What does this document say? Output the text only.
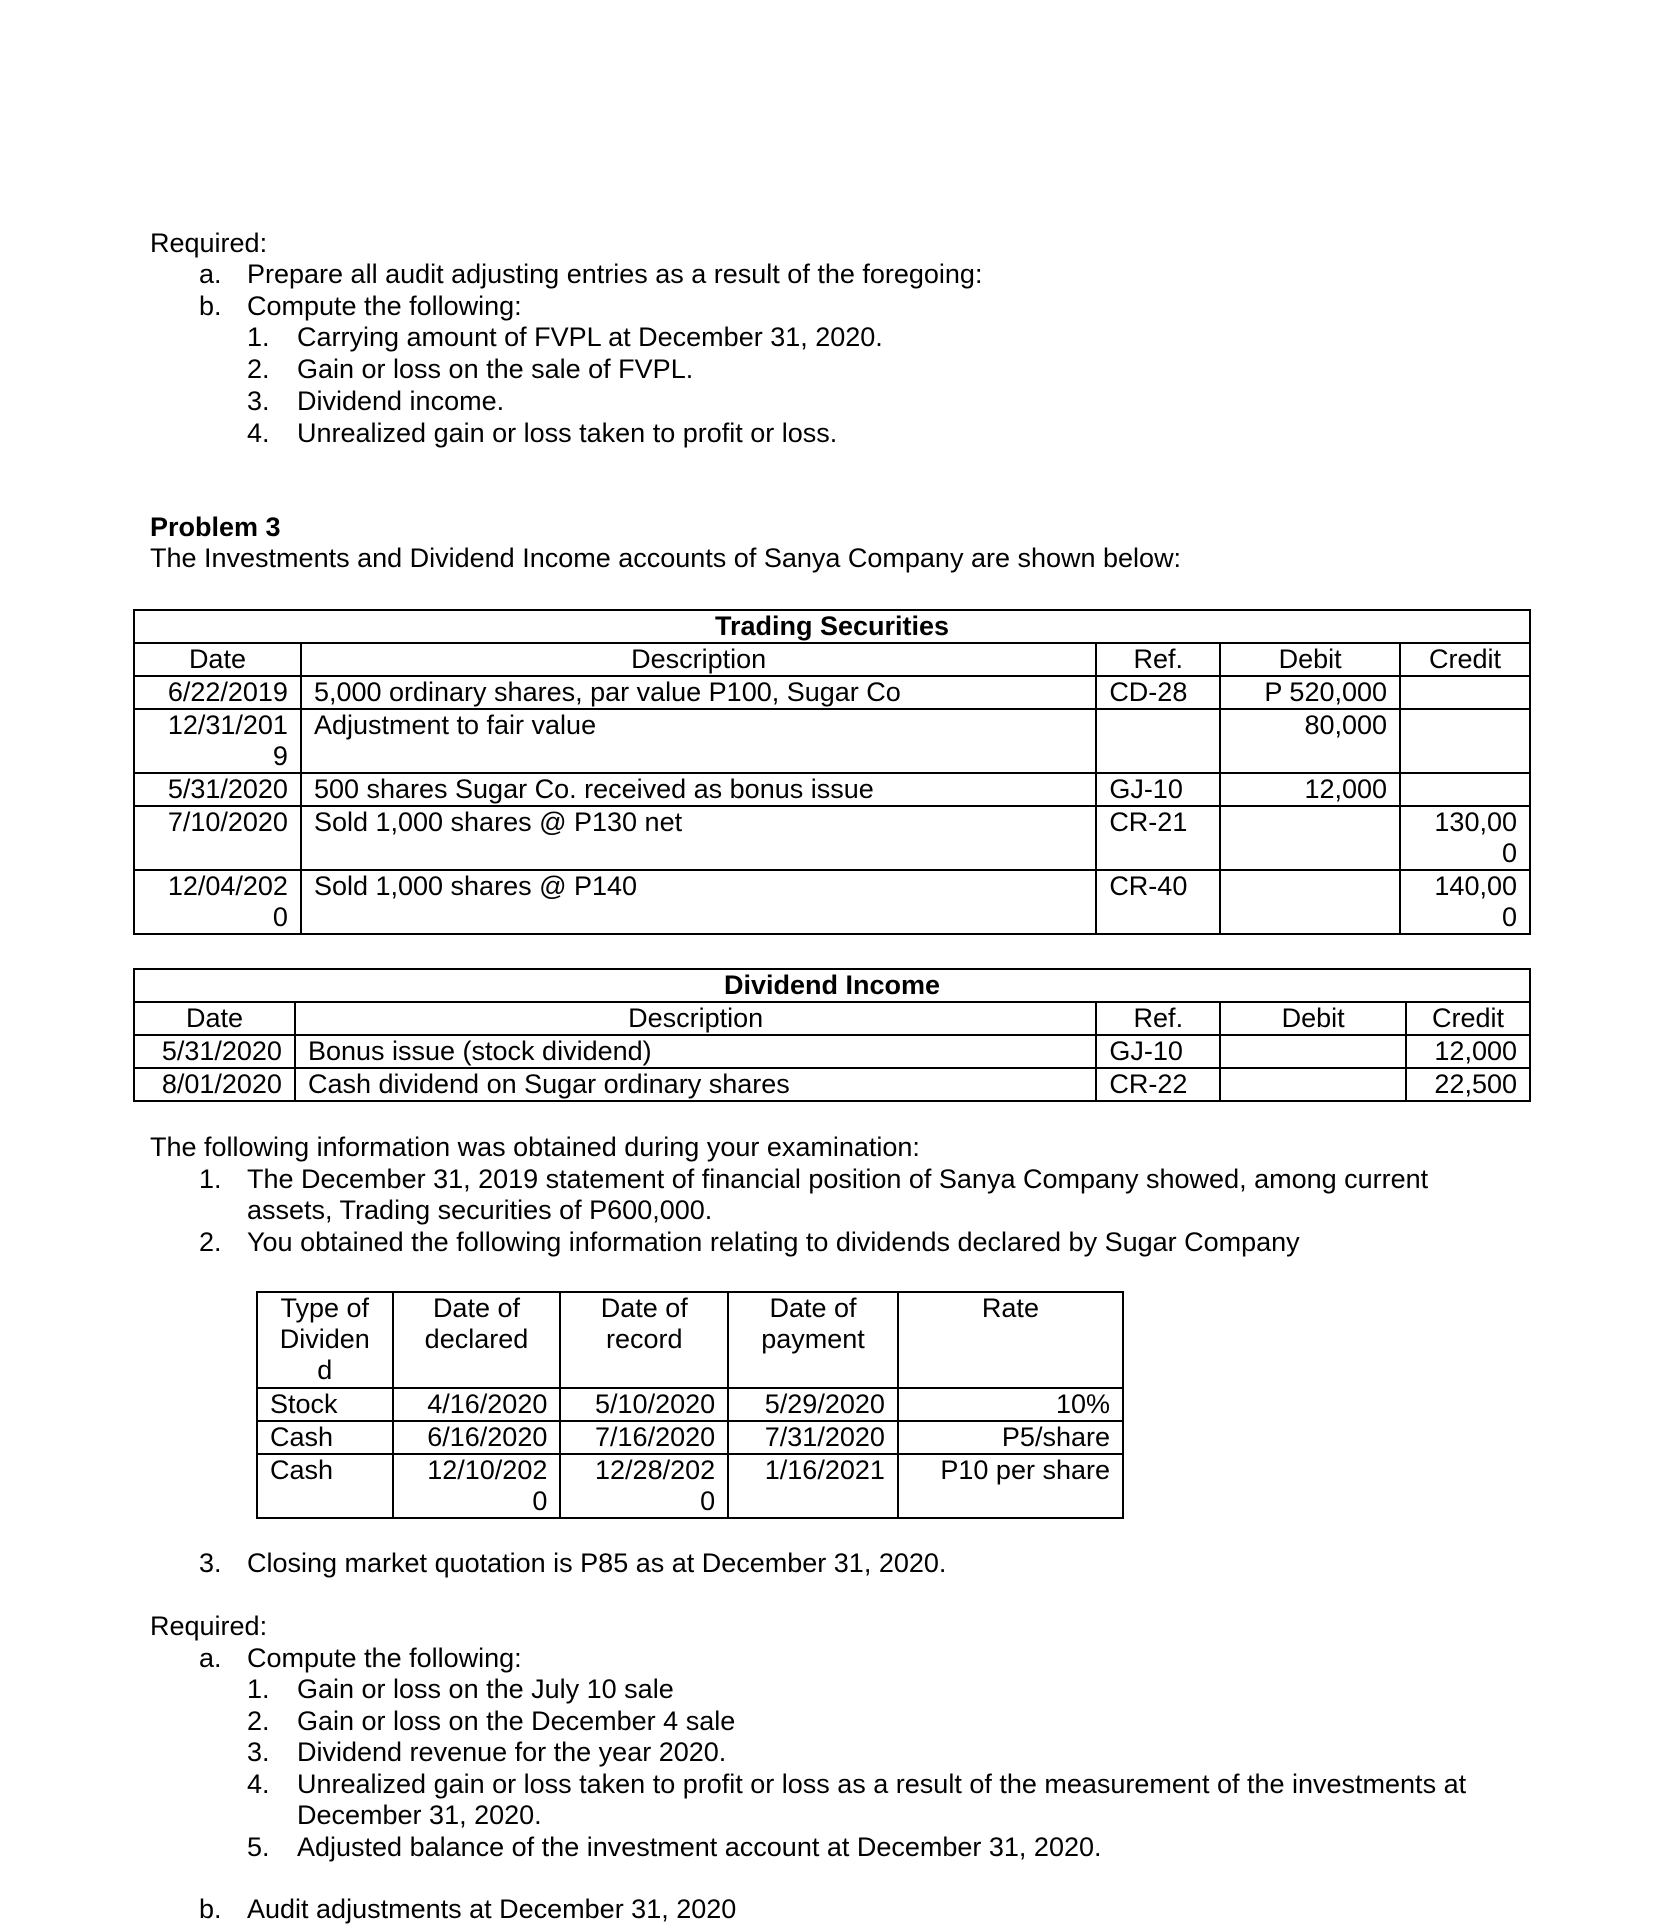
Required:
a. Prepare all audit adjusting entries as a result of the foregoing:
b. Compute the following:
1. Carrying amount of FVPL at December 31, 2020.
2. Gain or loss on the sale of FVPL.
3. Dividend income.
4. Unrealized gain or loss taken to profit or loss.
Problem 3
The Investments and Dividend Income accounts of Sanya Company are shown below:
Trading Securities				
Date	Description	Ref.	Debit	Credit
6/22/2019	5,000 ordinary shares, par value P100, Sugar Co	CD-28	P 520,000	
12/31/201 9	Adjustment to fair value		80,000	
5/31/2020	500 shares Sugar Co. received as bonus issue	GJ-10	12,000	
7/10/2020	Sold 1,000 shares @ P130 net	CR-21		130,00 0
12/04/202 0	Sold 1,000 shares @ P140	CR-40		140,00 0
Dividend Income				
Date	Description	Ref.	Debit	Credit
5/31/2020	Bonus issue (stock dividend)	GJ-10		12,000
8/01/2020	Cash dividend on Sugar ordinary shares	CR-22		22,500
The following information was obtained during your examination:
1. The December 31, 2019 statement of financial position of Sanya Company showed, among current
assets, Trading securities of P600,000.
2. You obtained the following information relating to dividends declared by Sugar Company
Type of Dividen d	Date of declared	Date of record	Date of payment	Rate
Stock	4/16/2020	5/10/2020	5/29/2020	10%
Cash	6/16/2020	7/16/2020	7/31/2020	P5/share
Cash	12/10/202 0	12/28/202 0	1/16/2021	P10 per share
3. Closing market quotation is P85 as at December 31, 2020.
Required:
a. Compute the following:
1. Gain or loss on the July 10 sale
2. Gain or loss on the December 4 sale
3. Dividend revenue for the year 2020.
4. Unrealized gain or loss taken to profit or loss as a result of the measurement of the investments at
December 31, 2020.
5. Adjusted balance of the investment account at December 31, 2020.
b. Audit adjustments at December 31, 2020
